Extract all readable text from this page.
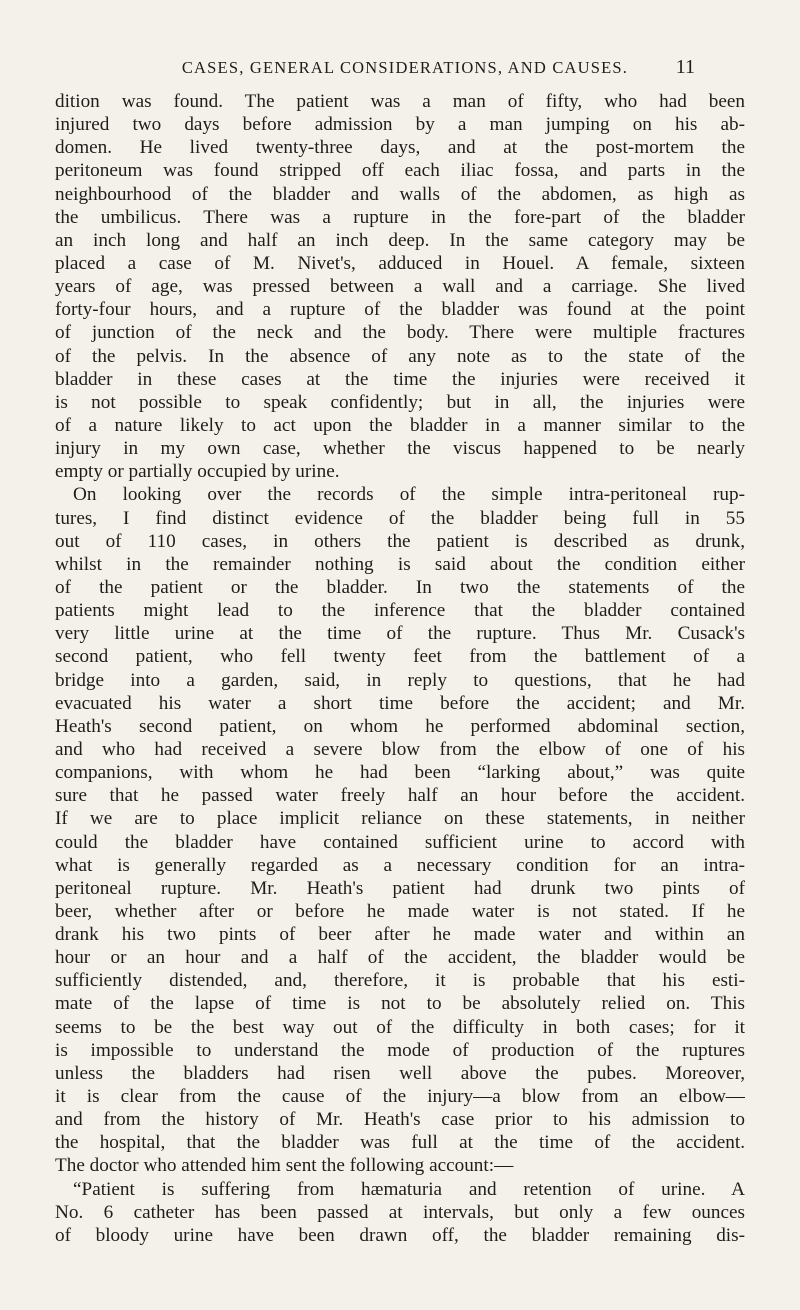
CASES, GENERAL CONSIDERATIONS, AND CAUSES.	11
dition was found. The patient was a man of fifty, who had been
injured two days before admission by a man jumping on his ab-
domen. He lived twenty-three days, and at the post-mortem the
peritoneum was found stripped off each iliac fossa, and parts in the
neighbourhood of the bladder and walls of the abdomen, as high as
the umbilicus. There was a rupture in the fore-part of the bladder
an inch long and half an inch deep. In the same category may be
placed a case of M. Nivet's, adduced in Houel. A female, sixteen
years of age, was pressed between a wall and a carriage. She lived
forty-four hours, and a rupture of the bladder was found at the point
of junction of the neck and the body. There were multiple fractures
of the pelvis. In the absence of any note as to the state of the
bladder in these cases at the time the injuries were received it
is not possible to speak confidently; but in all, the injuries were
of a nature likely to act upon the bladder in a manner similar to the
injury in my own case, whether the viscus happened to be nearly
empty or partially occupied by urine.
On looking over the records of the simple intra-peritoneal rup-
tures, I find distinct evidence of the bladder being full in 55
out of 110 cases, in others the patient is described as drunk,
whilst in the remainder nothing is said about the condition either
of the patient or the bladder. In two the statements of the
patients might lead to the inference that the bladder contained
very little urine at the time of the rupture. Thus Mr. Cusack's
second patient, who fell twenty feet from the battlement of a
bridge into a garden, said, in reply to questions, that he had
evacuated his water a short time before the accident; and Mr.
Heath's second patient, on whom he performed abdominal section,
and who had received a severe blow from the elbow of one of his
companions, with whom he had been “larking about,” was quite
sure that he passed water freely half an hour before the accident.
If we are to place implicit reliance on these statements, in neither
could the bladder have contained sufficient urine to accord with
what is generally regarded as a necessary condition for an intra-
peritoneal rupture. Mr. Heath's patient had drunk two pints of
beer, whether after or before he made water is not stated. If he
drank his two pints of beer after he made water and within an
hour or an hour and a half of the accident, the bladder would be
sufficiently distended, and, therefore, it is probable that his esti-
mate of the lapse of time is not to be absolutely relied on. This
seems to be the best way out of the difficulty in both cases; for it
is impossible to understand the mode of production of the ruptures
unless the bladders had risen well above the pubes. Moreover,
it is clear from the cause of the injury—a blow from an elbow—
and from the history of Mr. Heath's case prior to his admission to
the hospital, that the bladder was full at the time of the accident.
The doctor who attended him sent the following account:—
“Patient is suffering from hæmaturia and retention of urine. A
No. 6 catheter has been passed at intervals, but only a few ounces
of bloody urine have been drawn off, the bladder remaining dis-
